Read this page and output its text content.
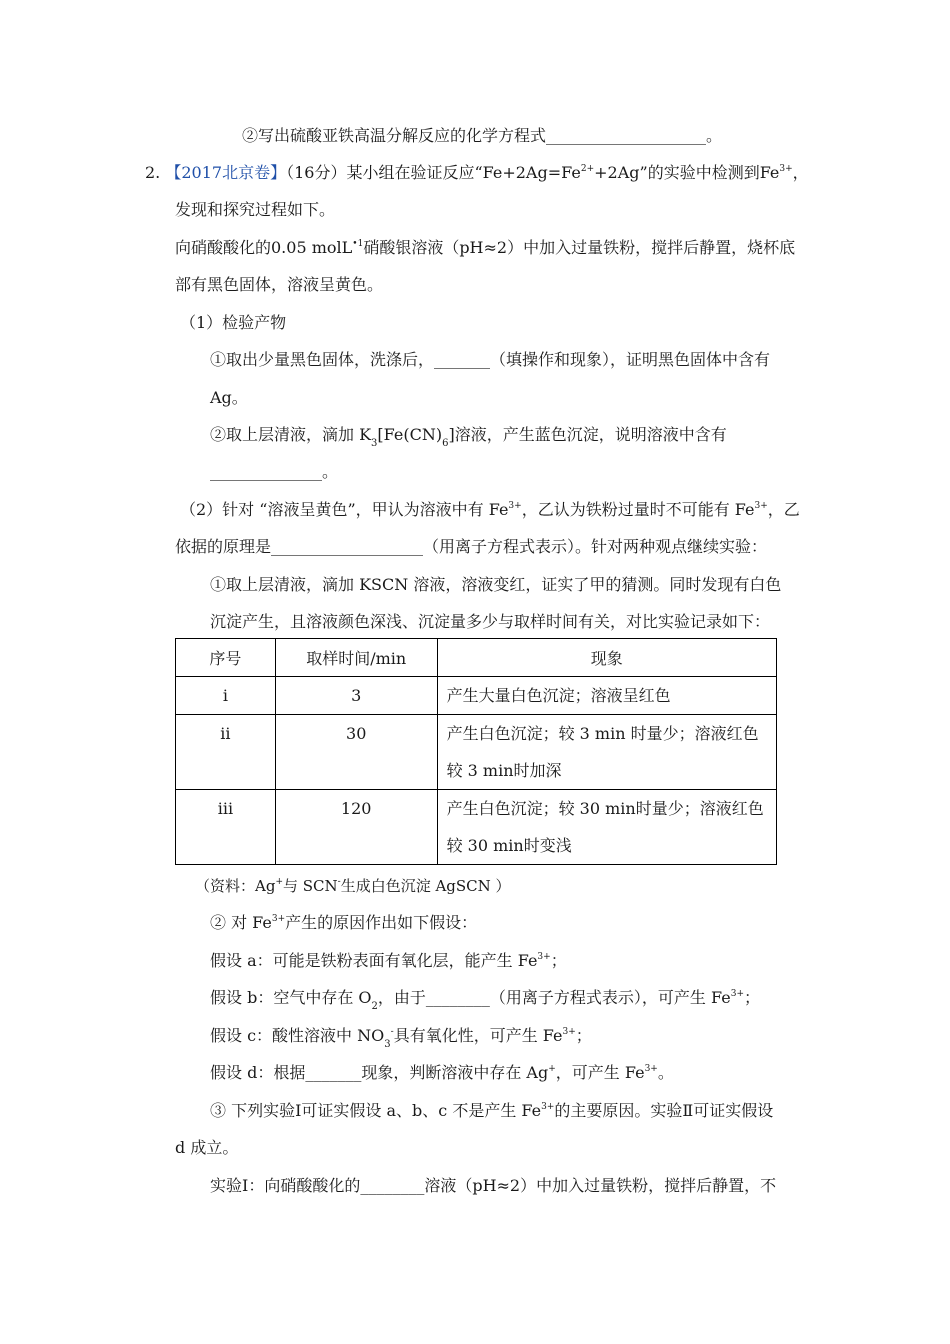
②写出硫酸亚铁高温分解反应的化学方程式____________________。
2. 【2017北京卷】（16分）某小组在验证反应“$Fe+2Ag=Fe^{2+}+2Ag$”的实验中检测到$Fe^{3+}$，
发现和探究过程如下。
向硝酸酸化的0.05 molL$^{•1}$硝酸银溶液（pH≈2）中加入过量铁粉，搅拌后静置，烧杯底
部有黑色固体，溶液呈黄色。
（1）检验产物
①取出少量黑色固体，洗涤后，_______（填操作和现象），证明黑色固体中含有
Ag。
②取上层清液，滴加 $K_3[Fe(CN)_6]$溶液，产生蓝色沉淀，说明溶液中含有
______________。
（2）针对 “溶液呈黄色”，甲认为溶液中有 $Fe^{3+}$，乙认为铁粉过量时不可能有 $Fe^{3+}$，乙
依据的原理是___________________（用离子方程式表示）。针对两种观点继续实验：
①取上层清液，滴加 KSCN 溶液，溶液变红，证实了甲的猜测。同时发现有白色
沉淀产生，且溶液颜色深浅、沉淀量多少与取样时间有关，对比实验记录如下：
序号	取样时间/min	现象
i	3	产生大量白色沉淀；溶液呈红色
ii	30	产生白色沉淀；较 3 min 时量少；溶液红色较 3 min时加深
iii	120	产生白色沉淀；较 30 min时量少；溶液红色较 30 min时变浅
（资料：Ag+与 SCN-生成白色沉淀 AgSCN ）
② 对 $Fe^{3+}$产生的原因作出如下假设：
假设 a：可能是铁粉表面有氧化层，能产生 $Fe^{3+}$；
假设 b：空气中存在 $O_2$，由于________（用离子方程式表示），可产生 $Fe^{3+}$；
假设 c：酸性溶液中 $NO_3^-$具有氧化性，可产生 $Fe^{3+}$；
假设 d：根据_______现象，判断溶液中存在 Ag+，可产生 $Fe^{3+}$。
③ 下列实验Ⅰ可证实假设 a、b、c 不是产生 $Fe^{3+}$的主要原因。实验Ⅱ可证实假设
d 成立。
实验Ⅰ：向硝酸酸化的________溶液（pH≈2）中加入过量铁粉，搅拌后静置，不
